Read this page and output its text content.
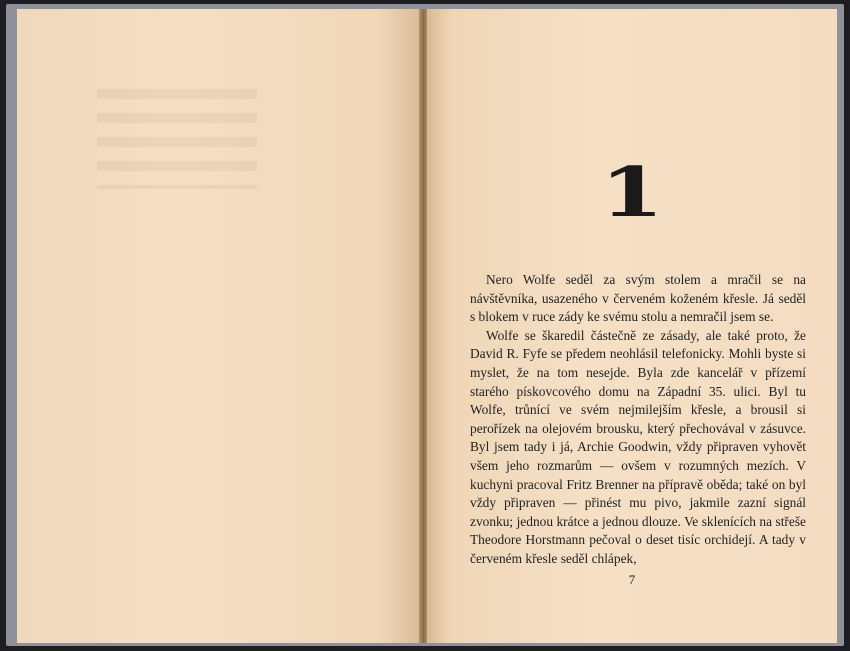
1

Nero Wolfe seděl za svým stolem a mračil se na návštěvníka, usazeného v červeném koženém křesle. Já seděl s blokem v ruce zády ke svému stolu a nemračil jsem se.

Wolfe se škaredil částečně ze zásady, ale také proto, že David R. Fyfe se předem neohlásil telefonicky. Mohli byste si myslet, že na tom nesejde. Byla zde kancelář v přízemí starého pískovcového domu na Západní 35. ulici. Byl tu Wolfe, trůnící ve svém nejmilejším křesle, a brousil si perořízek na olejovém brousku, který přechovával v zásuvce. Byl jsem tady i já, Archie Goodwin, vždy připraven vyhovět všem jeho rozmarům — ovšem v rozumných mezích. V kuchyni pracoval Fritz Brenner na přípravě oběda; také on byl vždy připraven — přinést mu pivo, jakmile zazní signál zvonku; jednou krátce a jednou dlouze. Ve sklenících na střeše Theodore Horstmann pečoval o deset tisíc orchidejí. A tady v červeném křesle seděl chlápek,

7
